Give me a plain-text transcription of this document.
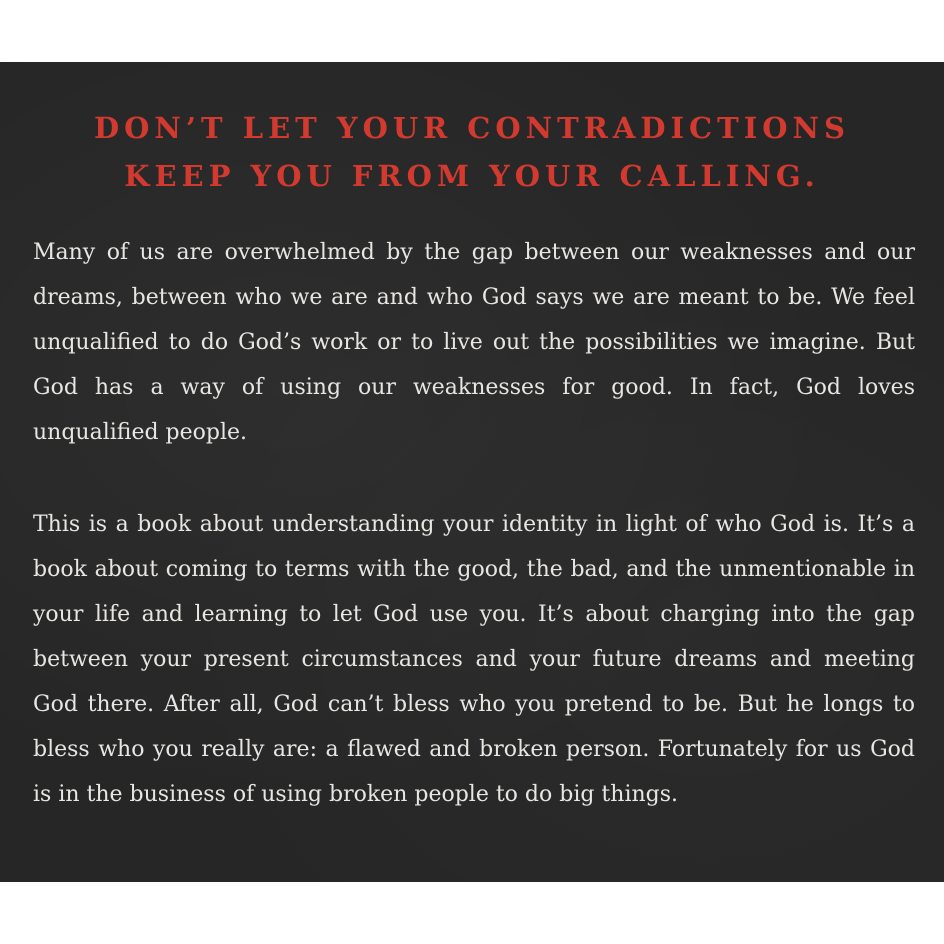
DON’T LET YOUR CONTRADICTIONS
KEEP YOU FROM YOUR CALLING.

Many of us are overwhelmed by the gap between our weaknesses and our dreams, between who we are and who God says we are meant to be. We feel unqualified to do God’s work or to live out the possibilities we imagine. But God has a way of using our weaknesses for good. In fact, God loves unqualified people.

This is a book about understanding your identity in light of who God is. It’s a book about coming to terms with the good, the bad, and the unmentionable in your life and learning to let God use you. It’s about charging into the gap between your present circumstances and your future dreams and meeting God there. After all, God can’t bless who you pretend to be. But he longs to bless who you really are: a flawed and broken person. Fortunately for us God is in the business of using broken people to do big things.
